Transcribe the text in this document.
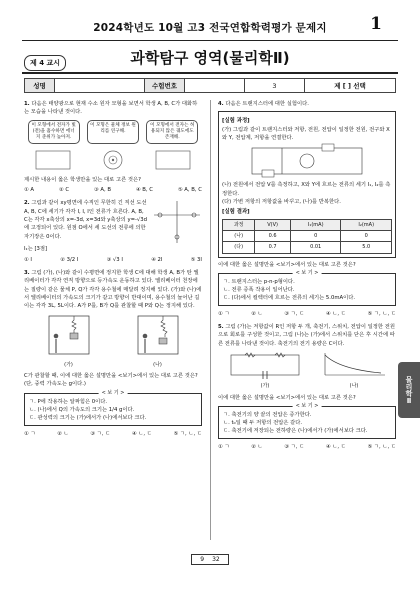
2024학년도 10월 고3 전국연합학력평가 문제지	1
제 4 교시	과학탐구 영역(물리학Ⅱ)
성명	수험번호	3	제 [ ] 선택
1. 다음은 태양광으로 현재 수소 원자 모형을 보면서 학생 A, B, C가 대화하는 모습을 나타낸 것이다.
이 모형에서 전자가 빛(전)을 흡수하면 에너지 준위가 높아져.
이 모형은 물체 정보 원리를 연구해.
이 모형에서 전자는 허용되지 않은 궤도에도 존재해.
제시한 내용이 옳은 학생만을 있는 대로 고른 것은?
① A	② C	③ A, B	④ B, C	⑤ A, B, C
2. 그림과 같이 xy평면에 수직인 무한히 긴 직선 도선 A, B, C에 세기가 각각 I, I, I인 전류가 흐른다. A, B, C는 각각 x축상의 x=-3d, x=3d와 y축상의 y=-√3d에 고정되어 있다. 원점 O에서 세 도선의 전류에 의한 자기장은 0이다.
I₁는 [3점]
① I	② 3/2 I	③ √3 I	④ 2I	⑤ 3I
3. 그림 (가), (나)와 같이 수평면에 정지한 학생 C에 대해 학생 A, B가 탄 엘리베이터가 각각 연직 방향으로 등가속도 운동하고 있다. 엘리베이터 천장에는 질량이 같은 물체 P, Q가 각각 용수철에 매달려 정지해 있다. (가)와 (나)에서 엘리베이터의 가속도의 크기가 같고 방향이 반대이며, 용수철의 늘어난 길이는 각각 3L, 5L이다. A가 P를, B가 Q를 관찰할 때 P와 Q는 정지해 있다.
(가)	(나)
C가 관찰할 때, 이에 대한 옳은 설명만을 <보기>에서 있는 대로 고른 것은? (단, 중력 가속도는 g이다.)
< 보 기 >
ㄱ. P에 작용하는 알짜힘은 0이다.
ㄴ. (나)에서 Q의 가속도의 크기는 1/4 g이다.
ㄷ. 관성력의 크기는 (가)에서가 (나)에서보다 크다.
① ㄱ	② ㄴ	③ ㄱ, ㄷ	④ ㄴ, ㄷ	⑤ ㄱ, ㄴ, ㄷ
4. 다음은 트랜지스터에 대한 실험이다.
[실험 과정]
(가) 그림과 같이 트랜지스터와 저항, 전원, 전압이 일정한 전원, 전구와 X와 Y, 전압계, 저항을 연결한다.
(나) 전원에서 전압 V를 측정하고, X와 Y에 흐르는 전류의 세기 I₁, I₂를 측정한다.
(다) 가변 저항의 저항값을 바꾸고, (나)를 반복한다.
[실험 결과]
과정	V(V)	I₁(mA)	I₂(mA)
(나)	0.6	0	0
(다)	0.7	0.01	5.0
이에 대한 옳은 설명만을 <보기>에서 있는 대로 고른 것은?
< 보 기 >
ㄱ. 트랜지스터는 p-n-p형이다.
ㄴ. 전류 증폭 작용이 일어난다.
ㄷ. (다)에서 컬렉터에 흐르는 전류의 세기는 5.0mA이다.
① ㄱ	② ㄴ	③ ㄱ, ㄷ	④ ㄴ, ㄷ	⑤ ㄱ, ㄴ, ㄷ
5. 그림 (가)는 저항값이 R인 저항 두 개, 축전기, 스위치, 전압이 일정한 전원으로 회로를 구성한 것이고, 그림 (나)는 (가)에서 스위치를 닫은 후 시간에 따른 전류를 나타낸 것이다. 축전기의 전기 용량은 C이다.
(가)	(나)
이에 대한 옳은 설명만을 <보기>에서 있는 대로 고른 것은?
< 보 기 >
ㄱ. 축전기의 양 끝의 전압은 증가한다.
ㄴ. t₀일 때 두 저항의 전압은 같다.
ㄷ. 축전기에 저장되는 전하량은 (나)에서가 (가)에서보다 크다.
① ㄱ	② ㄴ	③ ㄱ, ㄷ	④ ㄴ, ㄷ	⑤ ㄱ, ㄴ, ㄷ
물리학Ⅱ
9 32
